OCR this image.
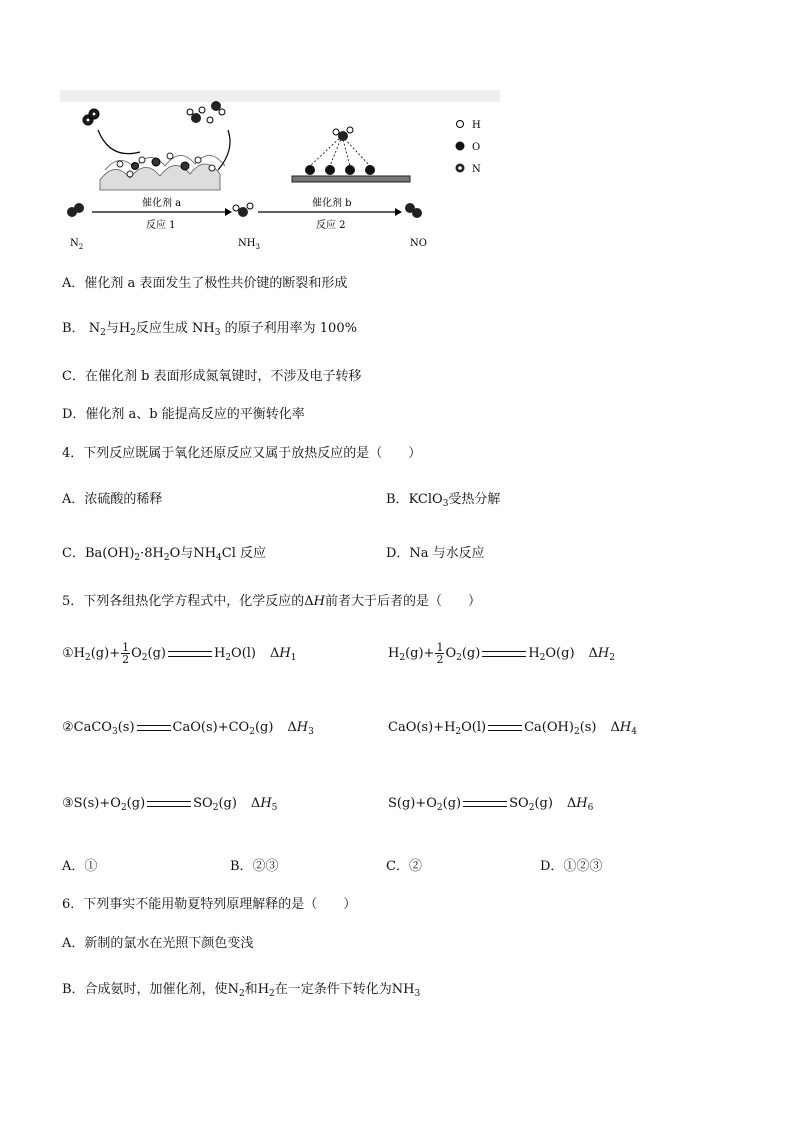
催化剂 a
反应 1
$N_2$	$NH_3$
催化剂 b
反应 2
NO
H
O
N
A．催化剂 a 表面发生了极性共价键的断裂和形成
B． $N_2$与$H_2$反应生成 $NH_3$ 的原子利用率为 100%
C．在催化剂 b 表面形成氮氧键时，不涉及电子转移
D．催化剂 a、b 能提高反应的平衡转化率
4．下列反应既属于氧化还原反应又属于放热反应的是（　　）
A．浓硫酸的稀释	B．KClO$_3$受热分解
C．$Ba(OH)_2\cdot 8H_2O$与$NH_4Cl$ 反应	D．Na 与水反应
5．下列各组热化学方程式中，化学反应的ΔH前者大于后者的是（　　）
$①H_2(g)+ \frac{1}{2} O_2(g)$	$H_2O(l)$ $\Delta H_1$	$H_2(g)+ \frac{1}{2} O_2(g)$	$H_2O(g)$ $\Delta H_2$
②CaCO$_3$(s)	$CaO(s)+CO_2(g)$ $\Delta H_3$	$CaO(s)+H_2O(l)$	$Ca(OH)_2(s)$ $\Delta H_4$
$③S(s)+O_2(g)$	$SO_2(g)$ $\Delta H_5$	$S(g)+O_2(g)$	$SO_2(g)$ $\Delta H_6$
A．①	B．②③	C．②	D．①②③
6．下列事实不能用勒夏特列原理解释的是（　　）
A．新制的氯水在光照下颜色变浅
B．合成氨时，加催化剂，使$N_2$和$H_2$在一定条件下转化为$NH_3$
